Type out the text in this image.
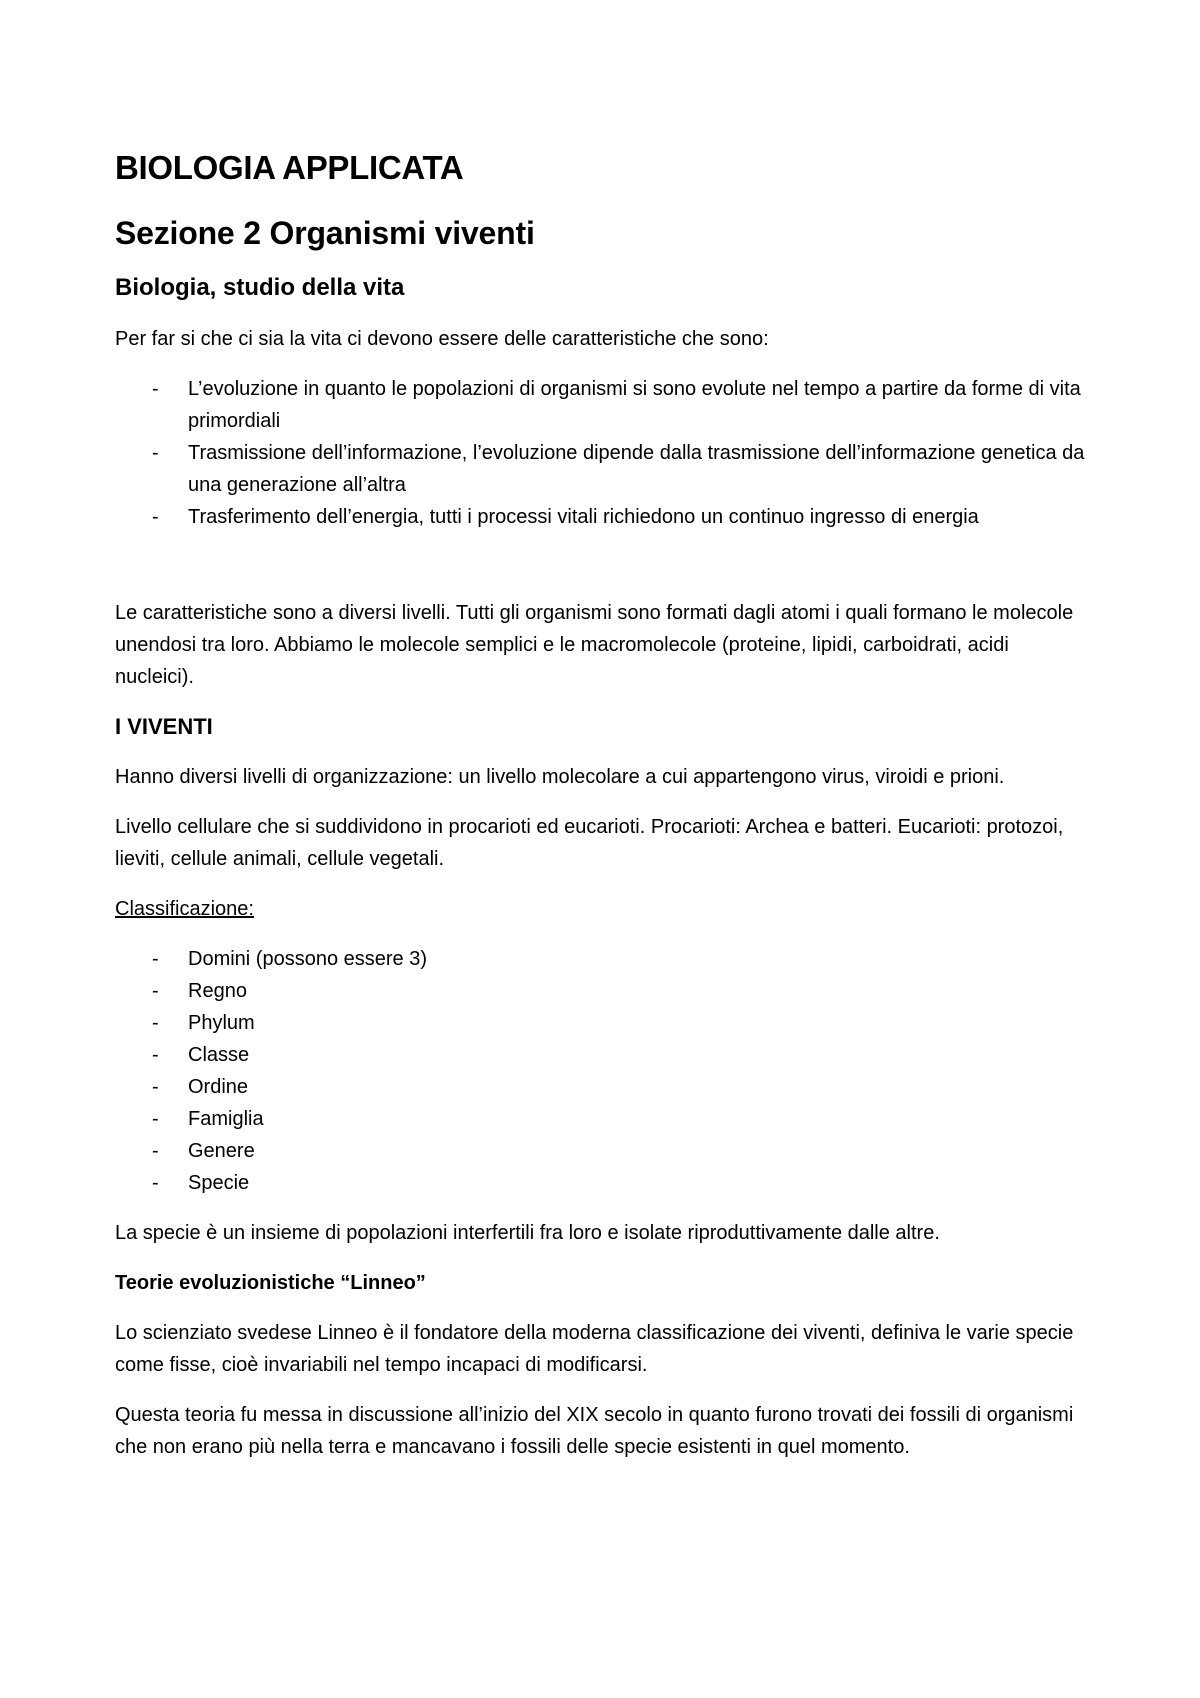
BIOLOGIA APPLICATA
Sezione 2 Organismi viventi
Biologia, studio della vita

Per far si che ci sia la vita ci devono essere delle caratteristiche che sono:

- L’evoluzione in quanto le popolazioni di organismi si sono evolute nel tempo a partire da forme di vita primordiali
- Trasmissione dell’informazione, l’evoluzione dipende dalla trasmissione dell’informazione genetica da una generazione all’altra
- Trasferimento dell’energia, tutti i processi vitali richiedono un continuo ingresso di energia

Le caratteristiche sono a diversi livelli. Tutti gli organismi sono formati dagli atomi i quali formano le molecole unendosi tra loro. Abbiamo le molecole semplici e le macromolecole (proteine, lipidi, carboidrati, acidi nucleici).

I VIVENTI

Hanno diversi livelli di organizzazione: un livello molecolare a cui appartengono virus, viroidi e prioni.

Livello cellulare che si suddividono in procarioti ed eucarioti. Procarioti: Archea e batteri. Eucarioti: protozoi, lieviti, cellule animali, cellule vegetali.

Classificazione:

- Domini (possono essere 3)
- Regno
- Phylum
- Classe
- Ordine
- Famiglia
- Genere
- Specie

La specie è un insieme di popolazioni interfertili fra loro e isolate riproduttivamente dalle altre.

Teorie evoluzionistiche “Linneo”

Lo scienziato svedese Linneo è il fondatore della moderna classificazione dei viventi, definiva le varie specie come fisse, cioè invariabili nel tempo incapaci di modificarsi.

Questa teoria fu messa in discussione all’inizio del XIX secolo in quanto furono trovati dei fossili di organismi che non erano più nella terra e mancavano i fossili delle specie esistenti in quel momento.
